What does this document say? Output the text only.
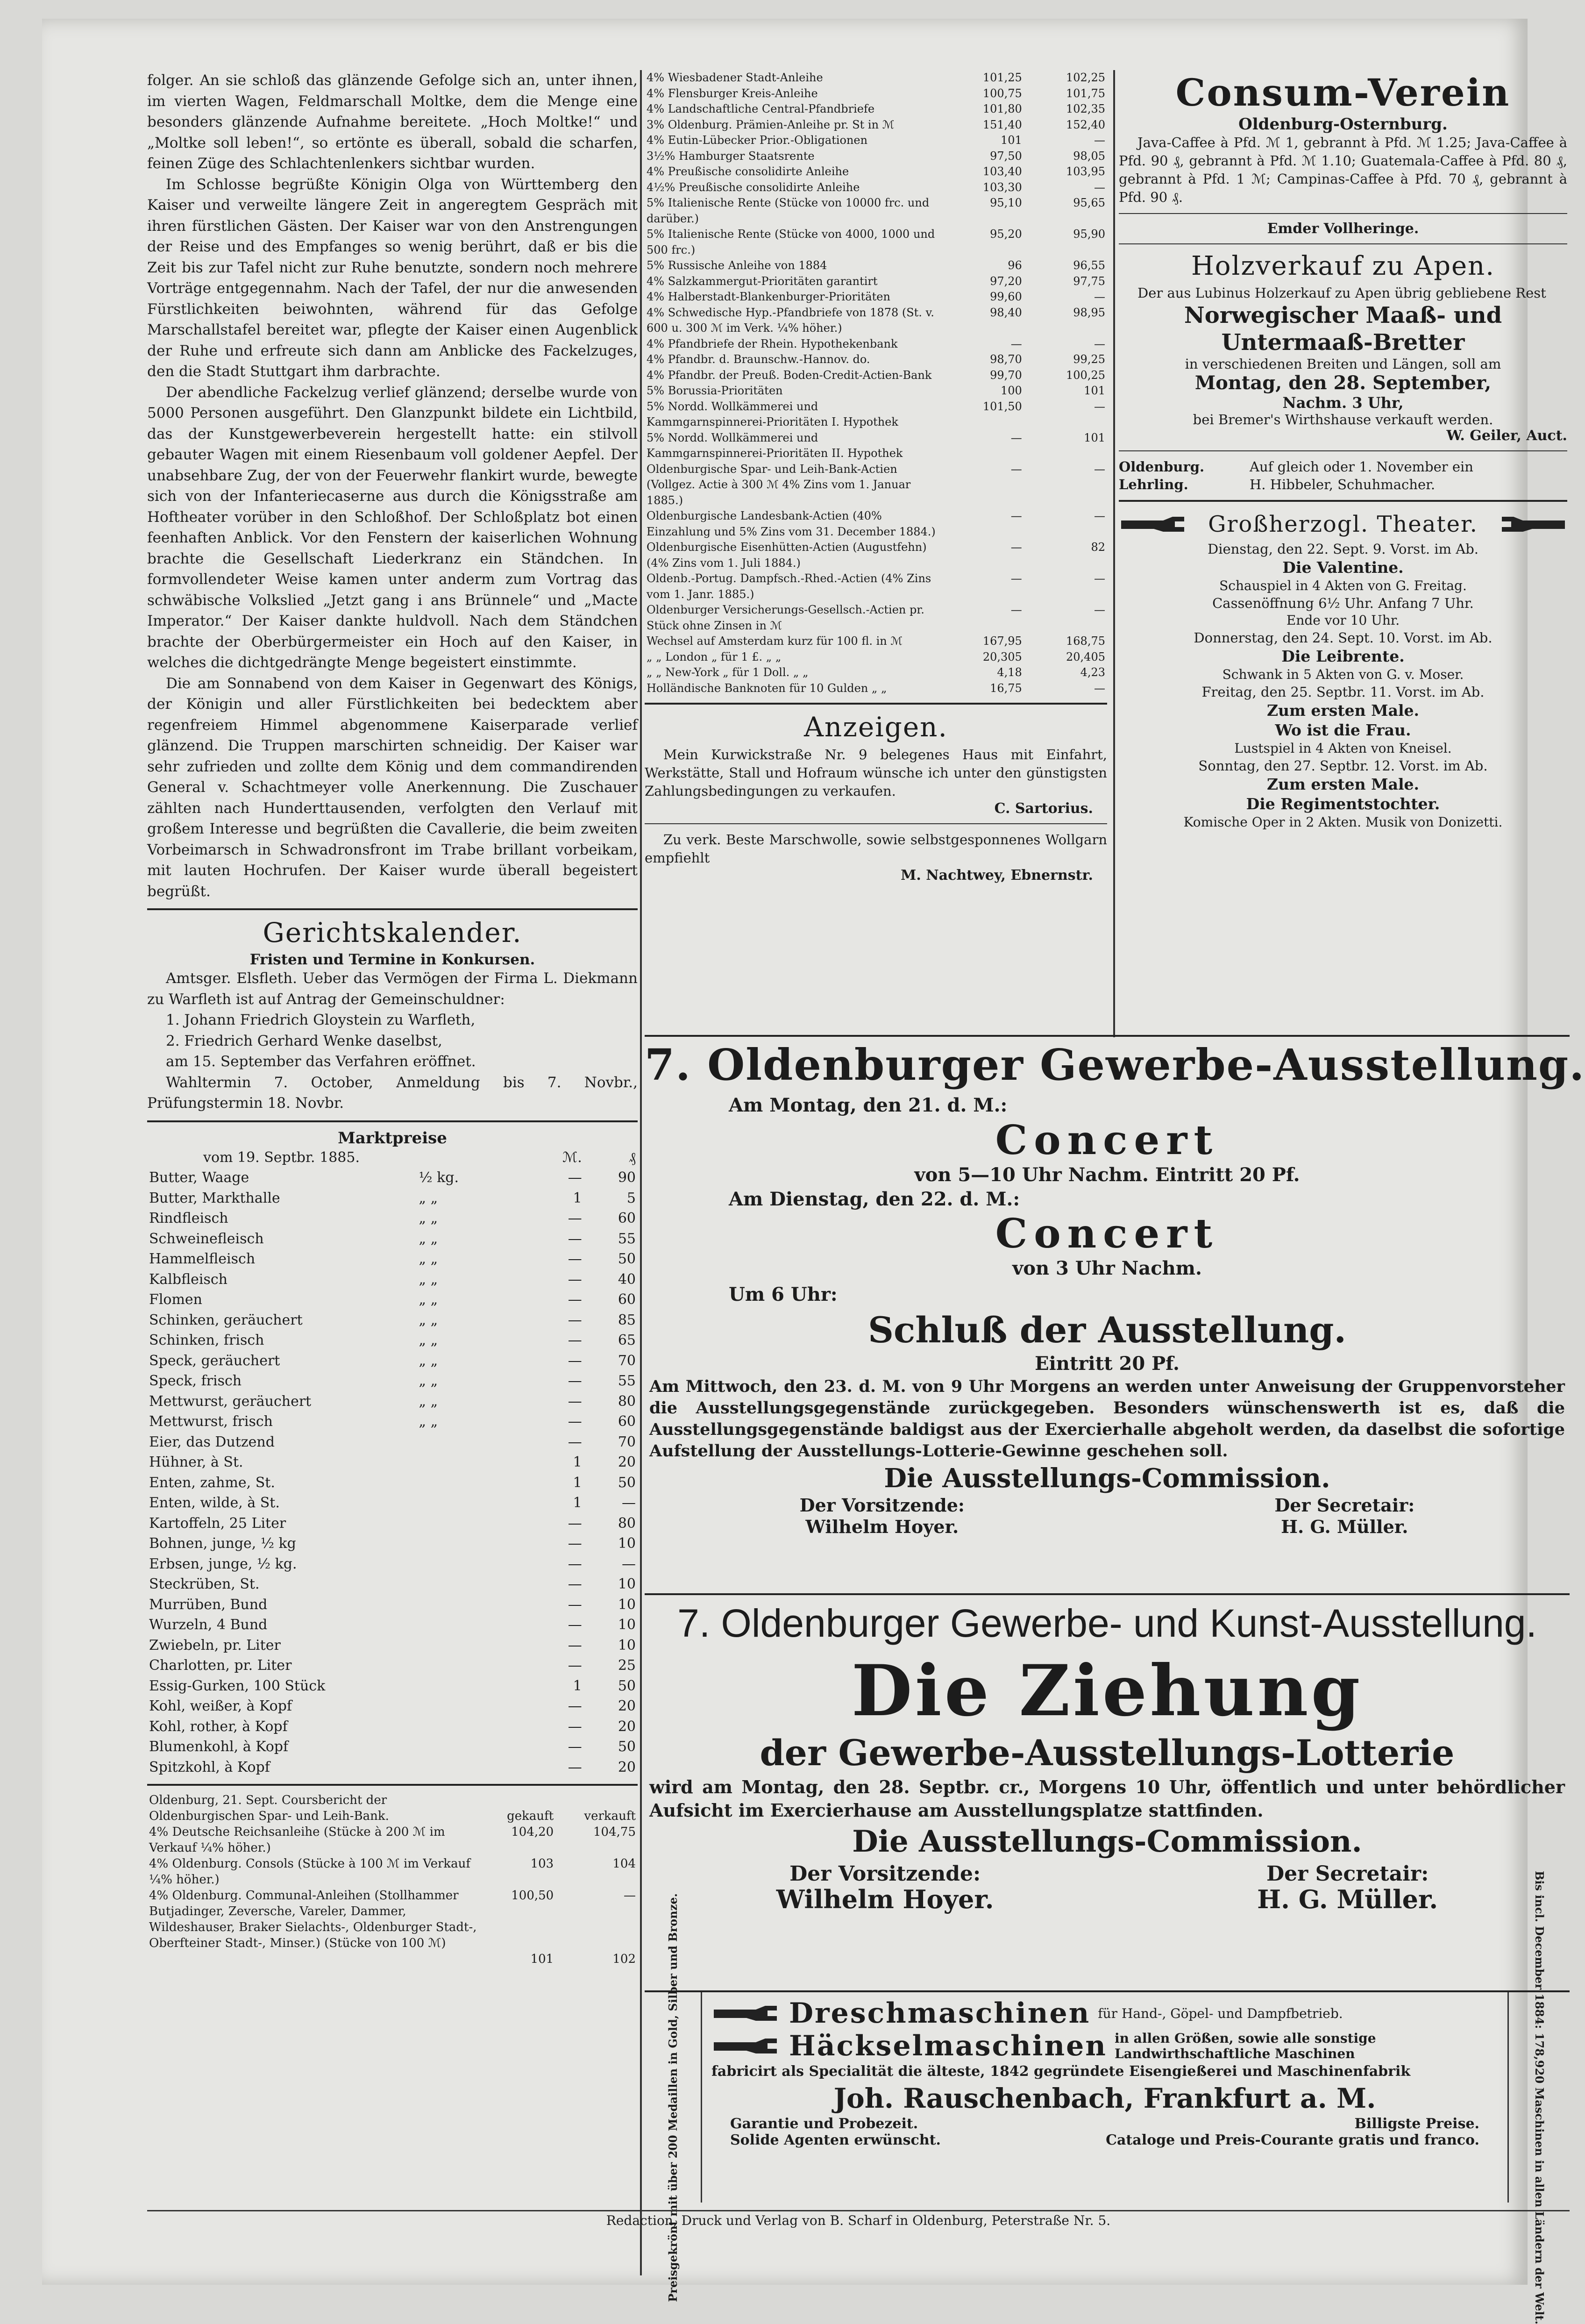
folger. An sie schloß das glänzende Gefolge sich an, unter ihnen, im vierten Wagen, Feldmarschall Moltke, dem die Menge eine besonders glänzende Aufnahme bereitete. „Hoch Moltke!“ und „Moltke soll leben!“, so ertönte es überall, sobald die scharfen, feinen Züge des Schlachtenlenkers sichtbar wurden.

Im Schlosse begrüßte Königin Olga von Württemberg den Kaiser und verweilte längere Zeit in angeregtem Gespräch mit ihren fürstlichen Gästen. Der Kaiser war von den Anstrengungen der Reise und des Empfanges so wenig berührt, daß er bis die Zeit bis zur Tafel nicht zur Ruhe benutzte, sondern noch mehrere Vorträge entgegennahm. Nach der Tafel, der nur die anwesenden Fürstlichkeiten beiwohnten, während für das Gefolge Marschallstafel bereitet war, pflegte der Kaiser einen Augenblick der Ruhe und erfreute sich dann am Anblicke des Fackelzuges, den die Stadt Stuttgart ihm darbrachte.

Der abendliche Fackelzug verlief glänzend; derselbe wurde von 5000 Personen ausgeführt. Den Glanzpunkt bildete ein Lichtbild, das der Kunstgewerbeverein hergestellt hatte: ein stilvoll gebauter Wagen mit einem Riesenbaum voll goldener Aepfel. Der unabsehbare Zug, der von der Feuerwehr flankirt wurde, bewegte sich von der Infanteriecaserne aus durch die Königsstraße am Hoftheater vorüber in den Schloßhof. Der Schloßplatz bot einen feenhaften Anblick. Vor den Fenstern der kaiserlichen Wohnung brachte die Gesellschaft Liederkranz ein Ständchen. In formvollendeter Weise kamen unter anderm zum Vortrag das schwäbische Volkslied „Jetzt gang i ans Brünnele“ und „Macte Imperator.“ Der Kaiser dankte huldvoll. Nach dem Ständchen brachte der Oberbürgermeister ein Hoch auf den Kaiser, in welches die dichtgedrängte Menge begeistert einstimmte.

Die am Sonnabend von dem Kaiser in Gegenwart des Königs, der Königin und aller Fürstlichkeiten bei bedecktem aber regenfreiem Himmel abgenommene Kaiserparade verlief glänzend. Die Truppen marschirten schneidig. Der Kaiser war sehr zufrieden und zollte dem König und dem commandirenden General v. Schachtmeyer volle Anerkennung. Die Zuschauer zählten nach Hunderttausenden, verfolgten den Verlauf mit großem Interesse und begrüßten die Cavallerie, die beim zweiten Vorbeimarsch in Schwadronsfront im Trabe brillant vorbeikam, mit lauten Hochrufen. Der Kaiser wurde überall begeistert begrüßt.

Gerichtskalender.
Fristen und Termine in Konkursen.

Amtsger. Elsfleth. Ueber das Vermögen der Firma L. Diekmann zu Warfleth ist auf Antrag der Gemeinschuldner:

1. Johann Friedrich Gloystein zu Warfleth,

2. Friedrich Gerhard Wenke daselbst,

am 15. September das Verfahren eröffnet.

Wahltermin 7. October, Anmeldung bis 7. Novbr., Prüfungstermin 18. Novbr.

Marktpreise
vom 19. Septbr. 1885.		ℳ.	₰
Butter, Waage	½ kg.	—	90
Butter, Markthalle	„ „	1	5
Rindfleisch	„ „	—	60
Schweinefleisch	„ „	—	55
Hammelfleisch	„ „	—	50
Kalbfleisch	„ „	—	40
Flomen	„ „	—	60
Schinken, geräuchert	„ „	—	85
Schinken, frisch	„ „	—	65
Speck, geräuchert	„ „	—	70
Speck, frisch	„ „	—	55
Mettwurst, geräuchert	„ „	—	80
Mettwurst, frisch	„ „	—	60
Eier, das Dutzend		—	70
Hühner, à St.		1	20
Enten, zahme, St.		1	50
Enten, wilde, à St.		1	—
Kartoffeln, 25 Liter		—	80
Bohnen, junge, ½ kg		—	10
Erbsen, junge, ½ kg.		—	—
Steckrüben, St.		—	10
Murrüben, Bund		—	10
Wurzeln, 4 Bund		—	10
Zwiebeln, pr. Liter		—	10
Charlotten, pr. Liter		—	25
Essig-Gurken, 100 Stück		1	50
Kohl, weißer, à Kopf		—	20
Kohl, rother, à Kopf		—	20
Blumenkohl, à Kopf		—	50
Spitzkohl, à Kopf		—	20
Oldenburg, 21. Sept. Coursbericht der Oldenburgischen Spar- und Leih-Bank.	gekauft	verkauft
4% Deutsche Reichsanleihe (Stücke à 200 ℳ im Verkauf ¼% höher.)	104,20	104,75
4% Oldenburg. Consols (Stücke à 100 ℳ im Verkauf ¼% höher.)	103	104
4% Oldenburg. Communal-Anleihen (Stollhammer Butjadinger, Zeversche, Vareler, Dammer, Wildeshauser, Braker Sielachts-, Oldenburger Stadt-, Oberfteiner Stadt-, Minser.) (Stücke von 100 ℳ)	100,50	—
	101	102
4% Wiesbadener Stadt-Anleihe	101,25	102,25
4% Flensburger Kreis-Anleihe	100,75	101,75
4% Landschaftliche Central-Pfandbriefe	101,80	102,35
3% Oldenburg. Prämien-Anleihe pr. St in ℳ	151,40	152,40
4% Eutin-Lübecker Prior.-Obligationen	101	—
3½% Hamburger Staatsrente	97,50	98,05
4% Preußische consolidirte Anleihe	103,40	103,95
4½% Preußische consolidirte Anleihe	103,30	—
5% Italienische Rente (Stücke von 10000 frc. und darüber.)	95,10	95,65
5% Italienische Rente (Stücke von 4000, 1000 und 500 frc.)	95,20	95,90
5% Russische Anleihe von 1884	96	96,55
4% Salzkammergut-Prioritäten garantirt	97,20	97,75
4% Halberstadt-Blankenburger-Prioritäten	99,60	—
4% Schwedische Hyp.-Pfandbriefe von 1878 (St. v. 600 u. 300 ℳ im Verk. ¼% höher.)	98,40	98,95
4% Pfandbriefe der Rhein. Hypothekenbank	—	—
4% Pfandbr. d. Braunschw.-Hannov. do.	98,70	99,25
4% Pfandbr. der Preuß. Boden-Credit-Actien-Bank	99,70	100,25
5% Borussia-Prioritäten	100	101
5% Nordd. Wollkämmerei und Kammgarnspinnerei-Prioritäten I. Hypothek	101,50	—
5% Nordd. Wollkämmerei und Kammgarnspinnerei-Prioritäten II. Hypothek	—	101
Oldenburgische Spar- und Leih-Bank-Actien (Vollgez. Actie à 300 ℳ 4% Zins vom 1. Januar 1885.)	—	—
Oldenburgische Landesbank-Actien (40% Einzahlung und 5% Zins vom 31. December 1884.)	—	—
Oldenburgische Eisenhütten-Actien (Augustfehn) (4% Zins vom 1. Juli 1884.)	—	82
Oldenb.-Portug. Dampfsch.-Rhed.-Actien (4% Zins vom 1. Janr. 1885.)	—	—
Oldenburger Versicherungs-Gesellsch.-Actien pr. Stück ohne Zinsen in ℳ	—	—
Wechsel auf Amsterdam kurz für 100 fl. in ℳ	167,95	168,75
„ „ London „ für 1 £. „ „	20,305	20,405
„ „ New-York „ für 1 Doll. „ „	4,18	4,23
Holländische Banknoten für 10 Gulden „ „	16,75	—
Anzeigen.

Mein Kurwickstraße Nr. 9 belegenes Haus mit Einfahrt, Werkstätte, Stall und Hofraum wünsche ich unter den günstigsten Zahlungsbedingungen zu verkaufen.

C. Sartorius.

Zu verk. Beste Marschwolle, sowie selbstgesponnenes Wollgarn empfiehlt

M. Nachtwey, Ebnernstr.
Consum-Verein

Oldenburg-Osternburg.

Java-Caffee à Pfd. ℳ 1, gebrannt à Pfd. ℳ 1.25; Java-Caffee à Pfd. 90 ₰, gebrannt à Pfd. ℳ 1.10; Guatemala-Caffee à Pfd. 80 ₰, gebrannt à Pfd. 1 ℳ; Campinas-Caffee à Pfd. 70 ₰, gebrannt à Pfd. 90 ₰.

Emder Vollheringe.

Holzverkauf zu Apen.

Der aus Lubinus Holzerkauf zu Apen übrig gebliebene Rest

Norwegischer Maaß- und

Untermaaß-Bretter

in verschiedenen Breiten und Längen, soll am

Montag, den 28. September,

Nachm. 3 Uhr,

bei Bremer's Wirthshause verkauft werden.

W. Geiler, Auct.

Oldenburg. Lehrling.
Auf gleich oder 1. November ein
H. Hibbeler, Schuhmacher.
Großherzogl. Theater.

Dienstag, den 22. Sept. 9. Vorst. im Ab.

Die Valentine.

Schauspiel in 4 Akten von G. Freitag.

Cassenöffnung 6½ Uhr. Anfang 7 Uhr.

Ende vor 10 Uhr.

Donnerstag, den 24. Sept. 10. Vorst. im Ab.

Die Leibrente.

Schwank in 5 Akten von G. v. Moser.

Freitag, den 25. Septbr. 11. Vorst. im Ab.

Zum ersten Male.

Wo ist die Frau.

Lustspiel in 4 Akten von Kneisel.

Sonntag, den 27. Septbr. 12. Vorst. im Ab.

Zum ersten Male.

Die Regimentstochter.

Komische Oper in 2 Akten. Musik von Donizetti.

7. Oldenburger Gewerbe-Ausstellung.

Am Montag, den 21. d. M.:

Concert

von 5—10 Uhr Nachm. Eintritt 20 Pf.

Am Dienstag, den 22. d. M.:

Concert

von 3 Uhr Nachm.

Um 6 Uhr:

Schluß der Ausstellung.

Eintritt 20 Pf.

Am Mittwoch, den 23. d. M. von 9 Uhr Morgens an werden unter Anweisung der Gruppenvorsteher die Ausstellungsgegenstände zurückgegeben. Besonders wünschenswerth ist es, daß die Ausstellungsgegenstände baldigst aus der Exercierhalle abgeholt werden, da daselbst die sofortige Aufstellung der Ausstellungs-Lotterie-Gewinne geschehen soll.

Die Ausstellungs-Commission.

Der Vorsitzende:
Wilhelm Hoyer.
Der Secretair:
H. G. Müller.

7. Oldenburger Gewerbe- und Kunst-Ausstellung.

Die Ziehung

der Gewerbe-Ausstellungs-Lotterie

wird am Montag, den 28. Septbr. cr., Morgens 10 Uhr, öffentlich und unter behördlicher Aufsicht im Exercierhause am Ausstellungsplatze stattfinden.

Die Ausstellungs-Commission.

Der Vorsitzende:
Wilhelm Hoyer.
Der Secretair:
H. G. Müller.
Preisgekrönt mit über 200 Medaillen in Gold, Silber und Bronze.	Dreschmaschinen für Hand-, Göpel- und Dampfbetrieb.
Häckselmaschinen in allen Größen, sowie alle sonstige Landwirthschaftliche Maschinen
fabricirt als Specialität die älteste, 1842 gegründete Eisengießerei und Maschinenfabrik
Joh. Rauschenbach, Frankfurt a. M.
Garantie und Probezeit.	Billigste Preise.
Solide Agenten erwünscht.	Cataloge und Preis-Courante gratis und franco.	Bis incl. December 1884: 178,920 Maschinen in allen Ländern der Welt.

Redaction, Druck und Verlag von B. Scharf in Oldenburg, Peterstraße Nr. 5.
